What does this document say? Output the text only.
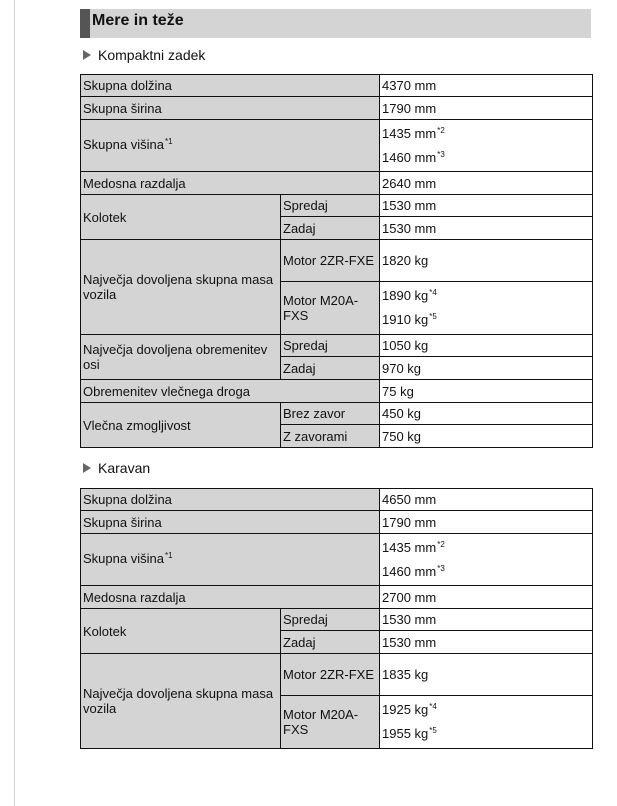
Mere in teže
Kompaktni zadek
Skupna dolžina		4370 mm
Skupna širina		1790 mm
Skupna višina$^{*1}$		1435 $mm^{*2}$
1460 $mm^{*3}$

Medosna razdalja		2640 mm
Kolotek	Spredaj	1530 mm
	Zadaj	1530 mm
Največja dovoljena skupna masa vozila	Motor 2ZR-FXE	1820 kg
	Motor M20A-FXS	1890 $kg^{*4}$
1910 $kg^{*5}$

Največja dovoljena obremenitev osi	Spredaj	1050 kg
	Zadaj	970 kg
Obremenitev vlečnega droga		75 kg
Vlečna zmogljivost	Brez zavor	450 kg
	Z zavorami	750 kg
Karavan
Skupna dolžina		4650 mm
Skupna širina		1790 mm
Skupna višina$^{*1}$		1435 $mm^{*2}$
1460 $mm^{*3}$

Medosna razdalja		2700 mm
Kolotek	Spredaj	1530 mm
	Zadaj	1530 mm
Največja dovoljena skupna masa vozila	Motor 2ZR-FXE	1835 kg
	Motor M20A-FXS	1925 $kg^{*4}$
1955 $kg^{*5}$
